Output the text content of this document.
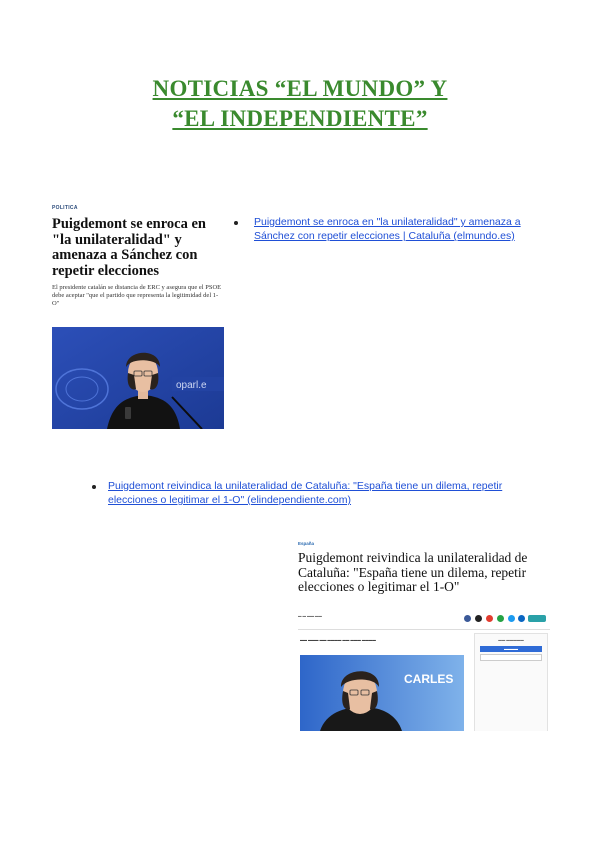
NOTICIAS “EL MUNDO” Y
“EL INDEPENDIENTE”
POLÍTICA
Puigdemont se enroca en "la unilateralidad" y amenaza a Sánchez con repetir elecciones
El presidente catalán se distancia de ERC y asegura que el PSOE debe aceptar "que el partido que representa la legitimidad del 1-O"
oparl.e
Puigdemont se enroca en "la unilateralidad" y amenaza a Sánchez con repetir elecciones | Cataluña (elmundo.es)
Puigdemont reivindica la unilateralidad de Cataluña: "España tiene un dilema, repetir elecciones o legitimar el 1-O" (elindependiente.com)
España
Puigdemont reivindica la unilateralidad de Cataluña: "España tiene un dilema, repetir elecciones o legitimar el 1-O"
▬ ▬ ▬▬ ▬▬
▬▬ ▬▬▬ ▬▬ ▬▬▬▬ ▬▬ ▬▬▬ ▬▬▬▬
CARLES
▬▬ ▬▬▬▬▬
▬▬▬▬
